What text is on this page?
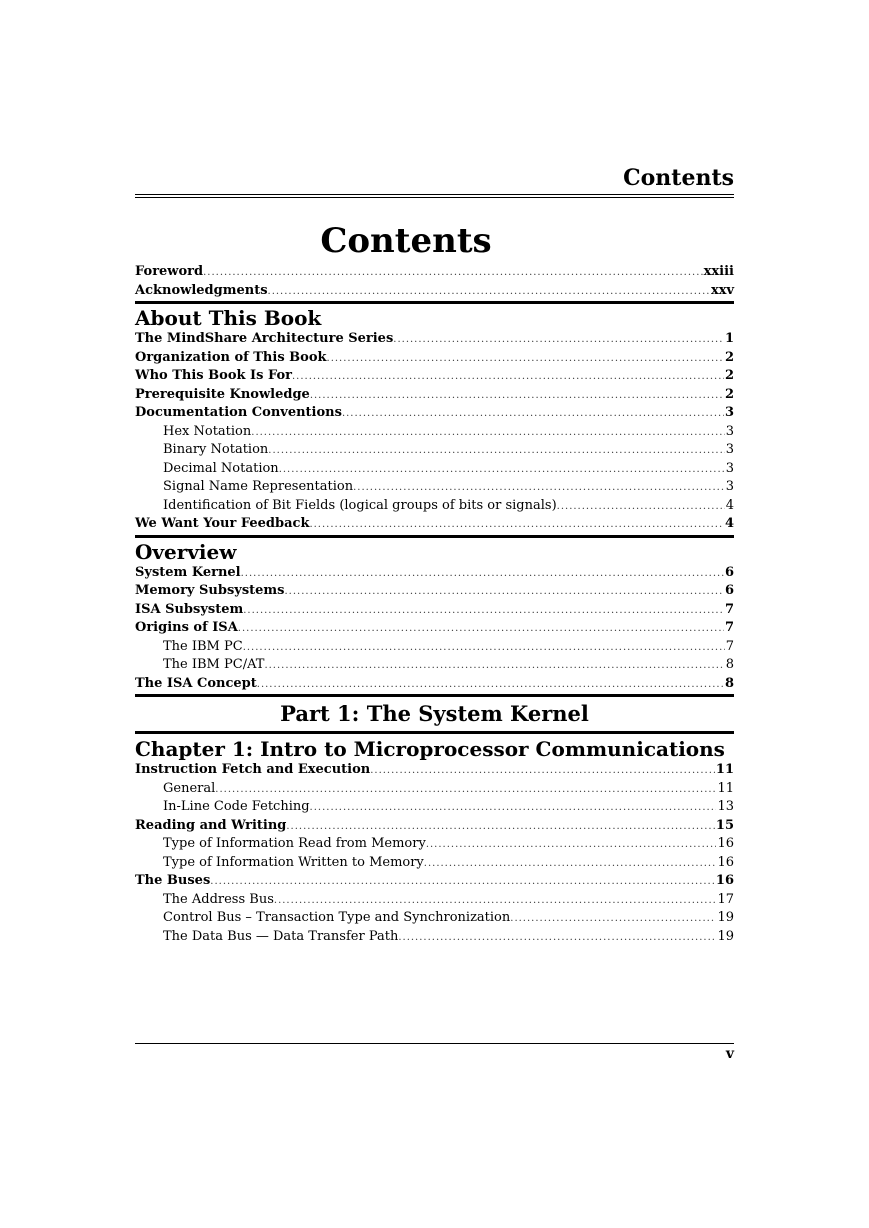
Contents
Contents
Foreword .....	xxiii
Acknowledgments .....	xxv
About This Book
The MindShare Architecture Series .....	1
Organization of This Book .....	2
Who This Book Is For .....	2
Prerequisite Knowledge .....	2
Documentation Conventions .....	3
Hex Notation .....	3
Binary Notation .....	3
Decimal Notation .....	3
Signal Name Representation .....	3
Identification of Bit Fields (logical groups of bits or signals) .....	4
We Want Your Feedback .....	4
Overview
System Kernel .....	6
Memory Subsystems .....	6
ISA Subsystem .....	7
Origins of ISA .....	7
The IBM PC .....	7
The IBM PC/AT .....	8
The ISA Concept .....	8
Part 1: The System Kernel
Chapter 1: Intro to Microprocessor Communications
Instruction Fetch and Execution .....	11
General .....	11
In-Line Code Fetching .....	13
Reading and Writing .....	15
Type of Information Read from Memory .....	16
Type of Information Written to Memory .....	16
The Buses .....	16
The Address Bus .....	17
Control Bus – Transaction Type and Synchronization .....	19
The Data Bus — Data Transfer Path .....	19
v
